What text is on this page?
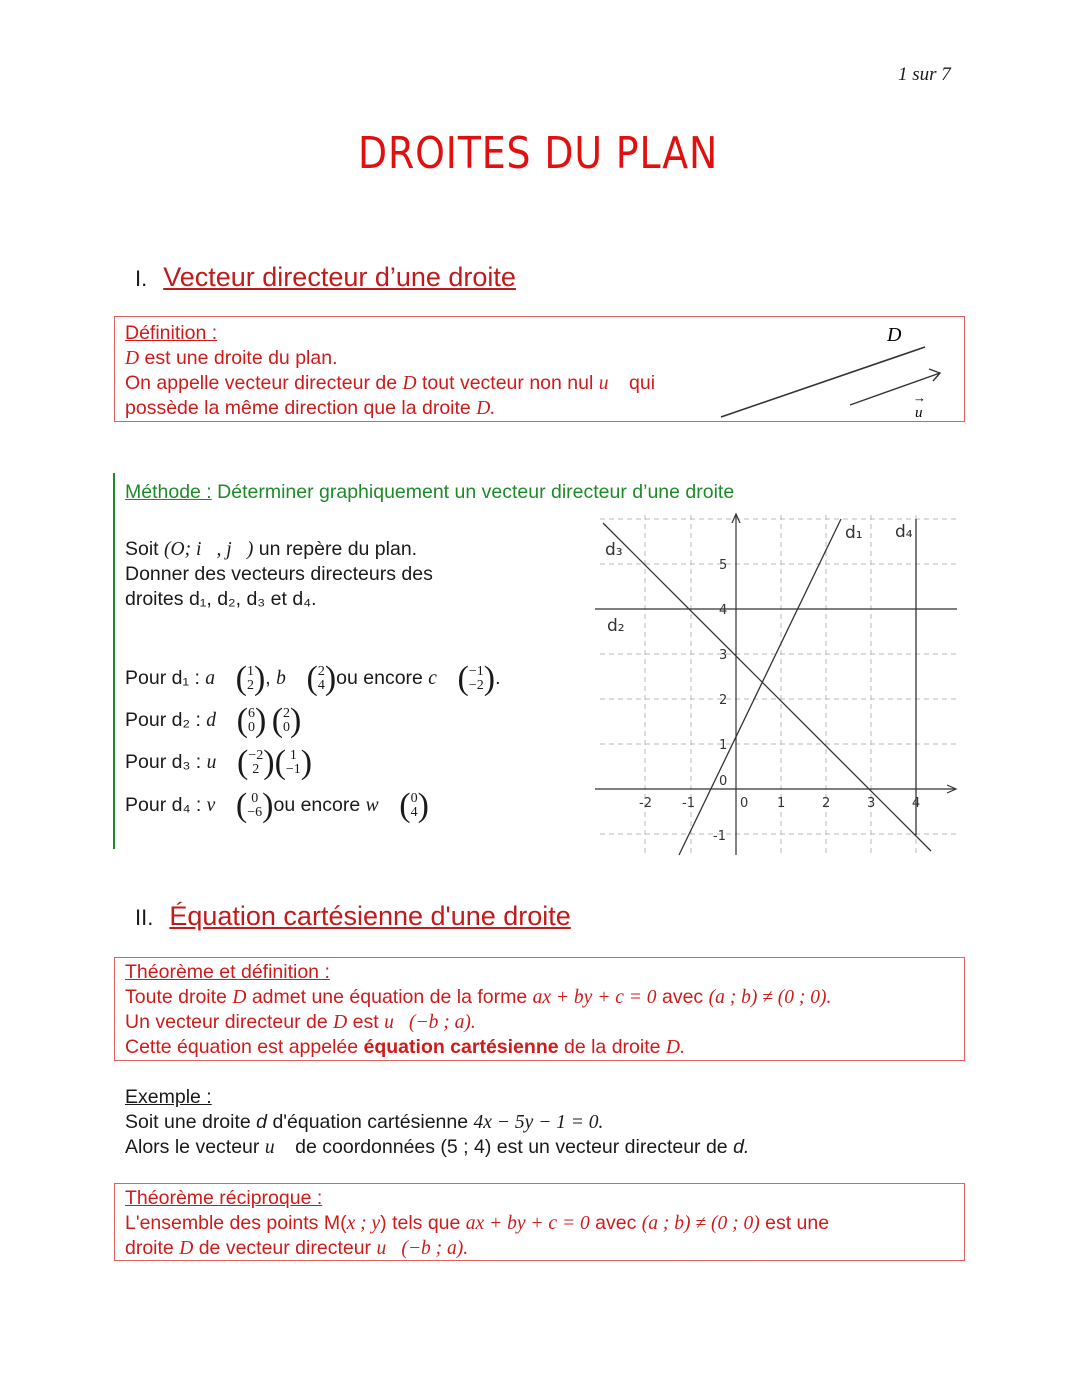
1 sur 7
DROITES DU PLAN
I. Vecteur directeur d’une droite
Définition :
D est une droite du plan.
On appelle vecteur directeur de D tout vecteur non nul u⃗ qui
possède la même direction que la droite D.
D
u
→
Méthode : Déterminer graphiquement un vecteur directeur d’une droite
Soit (O; i⃗, j⃗) un repère du plan.
Donner des vecteurs directeurs des
droites d₁, d₂, d₃ et d₄.
Pour d₁ : a⃗ (1
2), b⃗ (2
4)ou encore c⃗ (−1
−2).
Pour d₂ : d⃗ (6
0) (2
0)
Pour d₃ : u⃗ (−2
2 )( 1
−1)
Pour d₄ : v⃗ ( 0
−6)ou encore w⃗ (0
4)
d₁
d₂
d₃
d₄
-2 -1	0 1	2	3	4
5
4
3
2
1
0
-1
II. Équation cartésienne d'une droite
Théorème et définition :
Toute droite D admet une équation de la forme ax + by + c = 0 avec (a ; b) ≠ (0 ; 0).
Un vecteur directeur de D est u⃗(−b ; a).
Cette équation est appelée équation cartésienne de la droite D.
Exemple :
Soit une droite d d'équation cartésienne 4x − 5y − 1 = 0.
Alors le vecteur u⃗ de coordonnées (5 ; 4) est un vecteur directeur de d.
Théorème réciproque :
L'ensemble des points M(x ; y) tels que ax + by + c = 0 avec (a ; b) ≠ (0 ; 0) est une
droite D de vecteur directeur u⃗(−b ; a).
